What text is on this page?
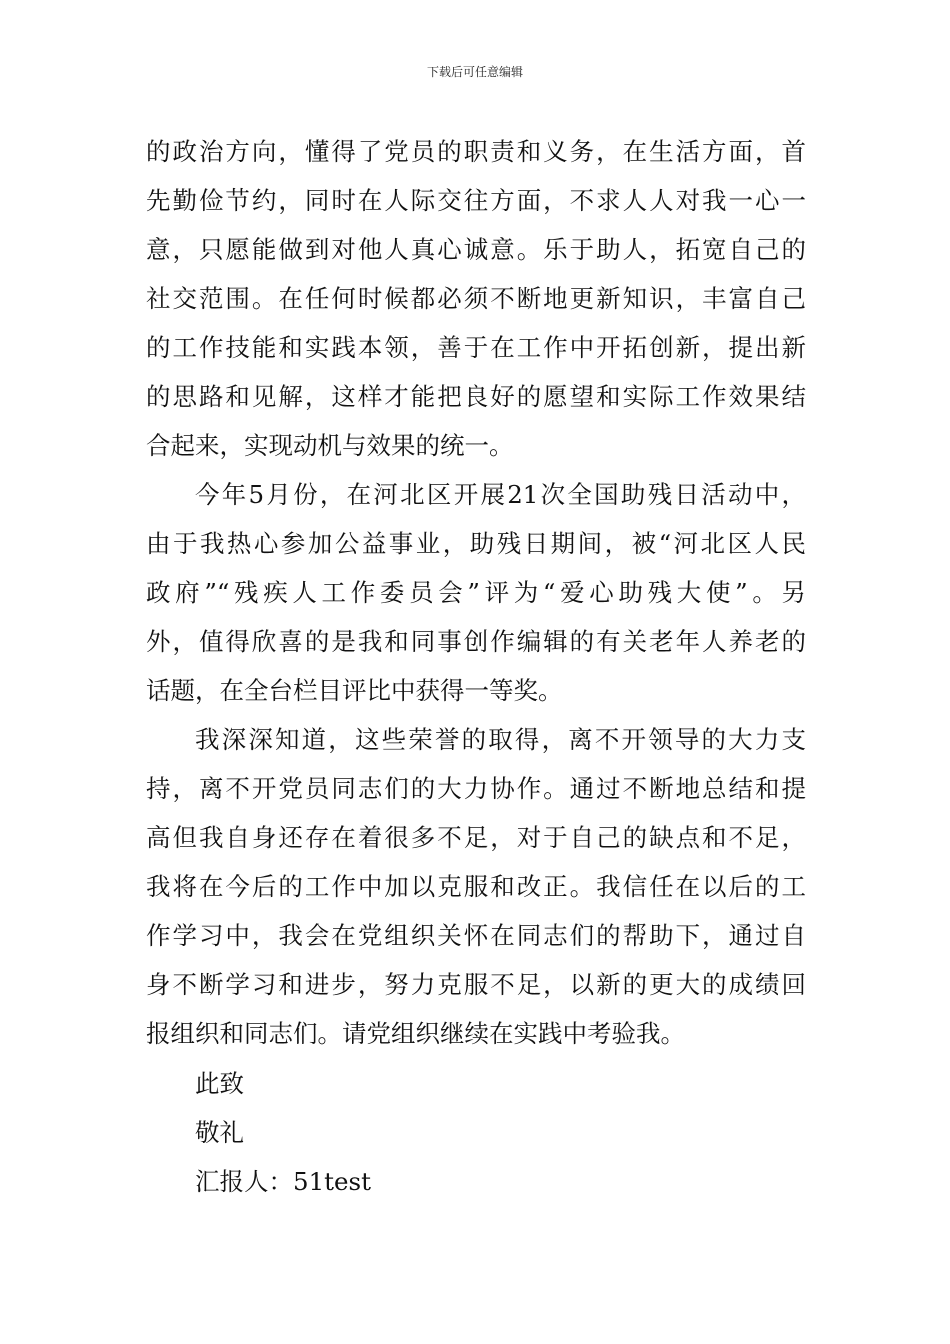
下载后可任意编辑
的政治方向，懂得了党员的职责和义务，在生活方面，首
先勤俭节约，同时在人际交往方面，不求人人对我一心一
意，只愿能做到对他人真心诚意。乐于助人，拓宽自己的
社交范围。在任何时候都必须不断地更新知识，丰富自己
的工作技能和实践本领，善于在工作中开拓创新，提出新
的思路和见解，这样才能把良好的愿望和实际工作效果结
合起来，实现动机与效果的统一。
今年5月份，在河北区开展21次全国助残日活动中，
由于我热心参加公益事业，助残日期间，被“河北区人民
政府”“残疾人工作委员会”评为“爱心助残大使”。另
外，值得欣喜的是我和同事创作编辑的有关老年人养老的
话题，在全台栏目评比中获得一等奖。
我深深知道，这些荣誉的取得，离不开领导的大力支
持，离不开党员同志们的大力协作。通过不断地总结和提
高但我自身还存在着很多不足，对于自己的缺点和不足，
我将在今后的工作中加以克服和改正。我信任在以后的工
作学习中，我会在党组织关怀在同志们的帮助下，通过自
身不断学习和进步，努力克服不足，以新的更大的成绩回
报组织和同志们。请党组织继续在实践中考验我。
此致
敬礼
汇报人：51test
